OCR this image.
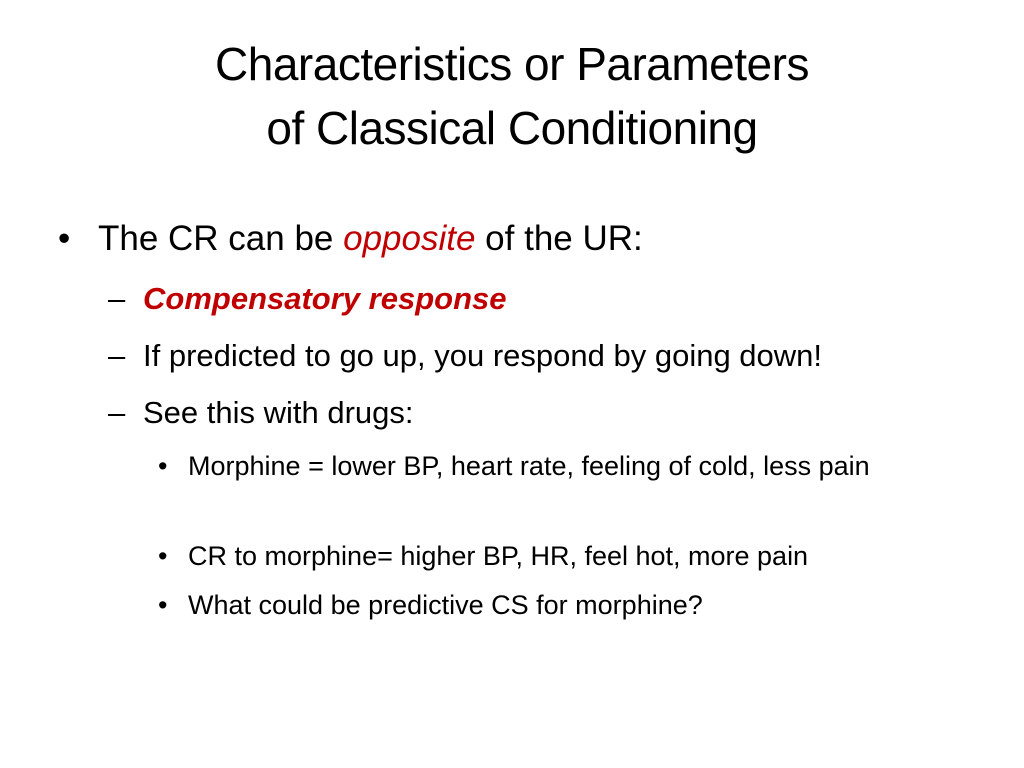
Characteristics or Parameters
of Classical Conditioning
• The CR can be opposite of the UR:
– Compensatory response
– If predicted to go up, you respond by going down!
– See this with drugs:
• Morphine = lower BP, heart rate, feeling of cold, less pain
• CR to morphine= higher BP, HR, feel hot, more pain
• What could be predictive CS for morphine?
